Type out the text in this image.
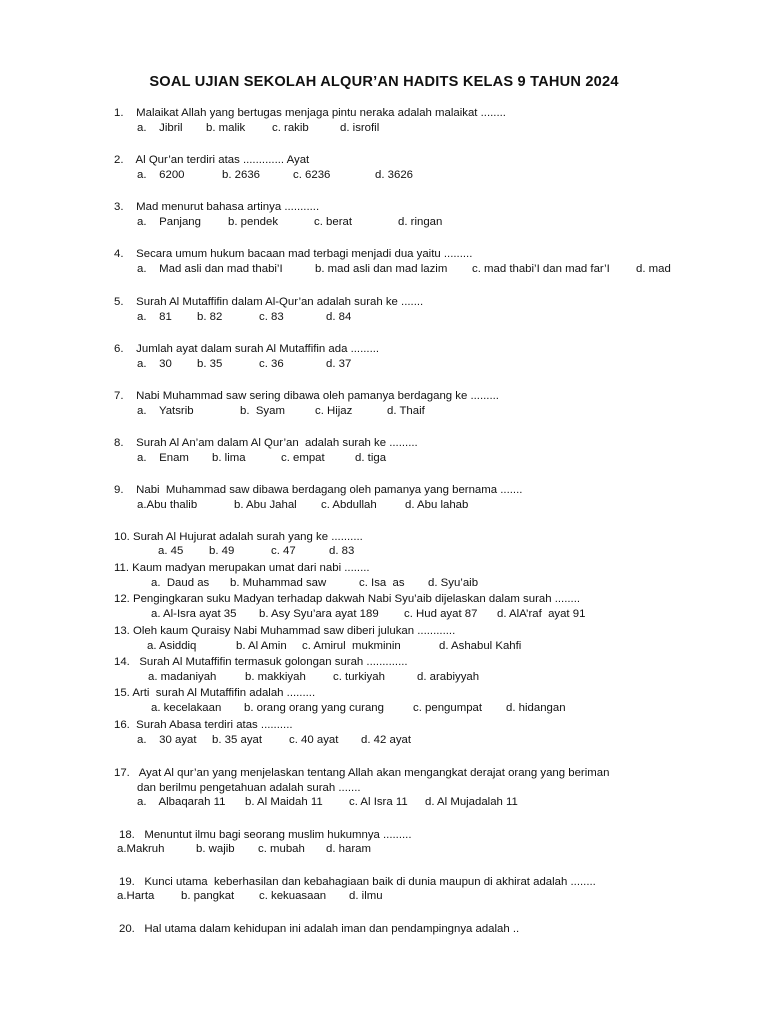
SOAL UJIAN SEKOLAH ALQUR’AN HADITS KELAS 9 TAHUN 2024
1.    Malaikat Allah yang bertugas menjaga pintu neraka adalah malaikat ........
a.    Jibril b. malik c. rakib	d. isrofil
2.    Al Qur’an terdiri atas ............. Ayat
a.    6200	b. 2636	c. 6236	d. 3626
3.    Mad menurut bahasa artinya ...........
a.    Panjang b. pendek	c. berat	d. ringan
4.    Secara umum hukum bacaan mad terbagi menjadi dua yaitu .........
a.    Mad asli dan mad thabi’I	b. mad asli dan mad lazim c. mad thabi’I dan mad far’I d. mad
5.    Surah Al Mutaffifin dalam Al-Qur’an adalah surah ke .......
a.    81 b. 82	c. 83	d. 84
6.    Jumlah ayat dalam surah Al Mutaffifin ada .........
a.    30 b. 35	c. 36	d. 37
7.    Nabi Muhammad saw sering dibawa oleh pamanya berdagang ke .........
a.    Yatsrib	b.  Syam	c. Hijaz	d. Thaif
8.    Surah Al An’am dalam Al Qur’an  adalah surah ke .........
a.    Enam b. lima	c. empat	d. tiga
9.    Nabi  Muhammad saw dibawa berdagang oleh pamanya yang bernama .......
a.Abu thalib	b. Abu Jahal c. Abdullah d. Abu lahab
10. Surah Al Hujurat adalah surah yang ke ..........
a. 45 b. 49	c. 47	d. 83
11. Kaum madyan merupakan umat dari nabi ........
a.  Daud as b. Muhammad saw	c. Isa  as d. Syu’aib
12. Pengingkaran suku Madyan terhadap dakwah Nabi Syu’aib dijelaskan dalam surah ........
a. Al-Isra ayat 35 b. Asy Syu’ara ayat 189 c. Hud ayat 87 d. AlA’raf  ayat 91
13. Oleh kaum Quraisy Nabi Muhammad saw diberi julukan ............
a. Asiddiq	b. Al Amin c. Amirul  mukminin	d. Ashabul Kahfi
14.   Surah Al Mutaffifin termasuk golongan surah .............
a. madaniyah	b. makkiyah c. turkiyah	d. arabiyyah
15. Arti  surah Al Mutaffifin adalah .........
a. kecelakaan b. orang orang yang curang	c. pengumpat d. hidangan
16.  Surah Abasa terdiri atas ..........
a.    30 ayat b. 35 ayat c. 40 ayat d. 42 ayat
17.   Ayat Al qur’an yang menjelaskan tentang Allah akan mengangkat derajat orang yang beriman
dan berilmu pengetahuan adalah surah .......
a.    Albaqarah 11 b. Al Maidah 11 c. Al Isra 11 d. Al Mujadalah 11
18.   Menuntut ilmu bagi seorang muslim hukumnya .........
a.Makruh	b. wajib c. mubah d. haram
19.   Kunci utama  keberhasilan dan kebahagiaan baik di dunia maupun di akhirat adalah ........
a.Harta b. pangkat c. kekuasaan d. ilmu
20.   Hal utama dalam kehidupan ini adalah iman dan pendampingnya adalah ..
